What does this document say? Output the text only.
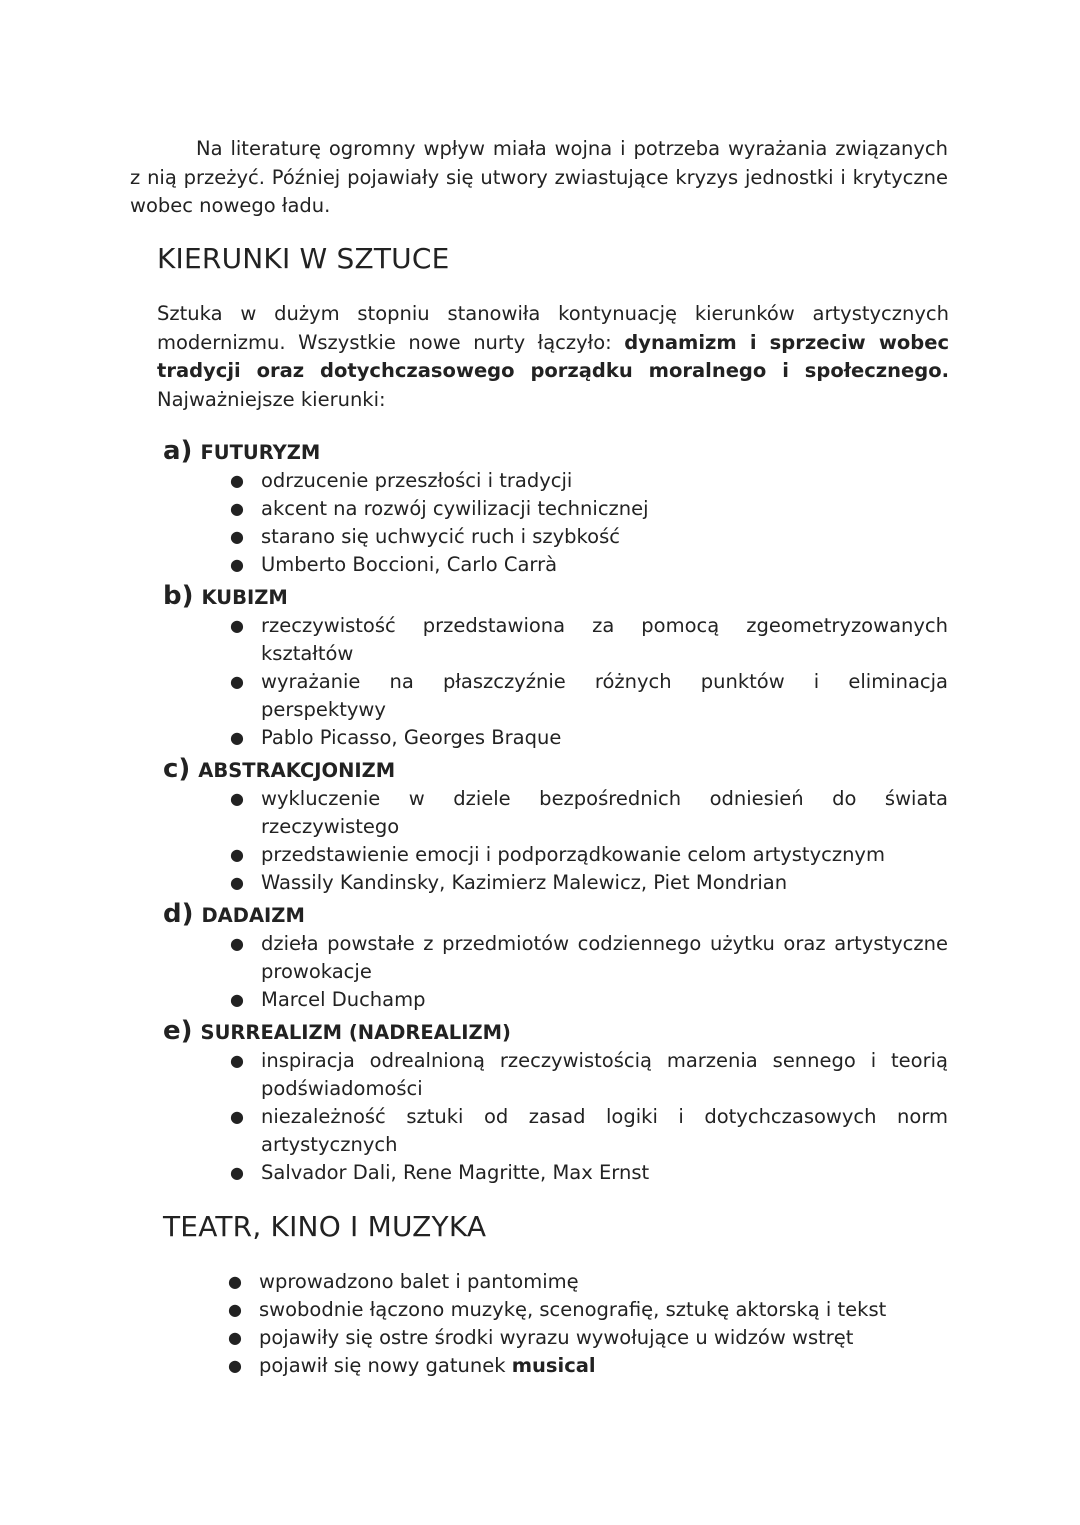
Na literaturę ogromny wpływ miała wojna i potrzeba wyrażania związanych
z nią przeżyć. Później pojawiały się utwory zwiastujące kryzys jednostki i krytyczne
wobec nowego ładu.
KIERUNKI W SZTUCE
Sztuka w dużym stopniu stanowiła kontynuację kierunków artystycznych
modernizmu. Wszystkie nowe nurty łączyło: dynamizm i sprzeciw wobec
tradycji oraz dotychczasowego porządku moralnego i społecznego.
Najważniejsze kierunki:
a) FUTURYZM
● odrzucenie przeszłości i tradycji
● akcent na rozwój cywilizacji technicznej
● starano się uchwycić ruch i szybkość
● Umberto Boccioni, Carlo Carrà
b) KUBIZM
● rzeczywistość przedstawiona za pomocą zgeometryzowanych
kształtów
● wyrażanie na płaszczyźnie różnych punktów i eliminacja
perspektywy
● Pablo Picasso, Georges Braque
c) ABSTRAKCJONIZM
● wykluczenie w dziele bezpośrednich odniesień do świata
rzeczywistego
● przedstawienie emocji i podporządkowanie celom artystycznym
● Wassily Kandinsky, Kazimierz Malewicz, Piet Mondrian
d) DADAIZM
● dzieła powstałe z przedmiotów codziennego użytku oraz artystyczne
prowokacje
● Marcel Duchamp
e) SURREALIZM (NADREALIZM)
● inspiracja odrealnioną rzeczywistością marzenia sennego i teorią
podświadomości
● niezależność sztuki od zasad logiki i dotychczasowych norm
artystycznych
● Salvador Dali, Rene Magritte, Max Ernst
TEATR, KINO I MUZYKA
● wprowadzono balet i pantomimę
● swobodnie łączono muzykę, scenografię, sztukę aktorską i tekst
● pojawiły się ostre środki wyrazu wywołujące u widzów wstręt
● pojawił się nowy gatunek musical
